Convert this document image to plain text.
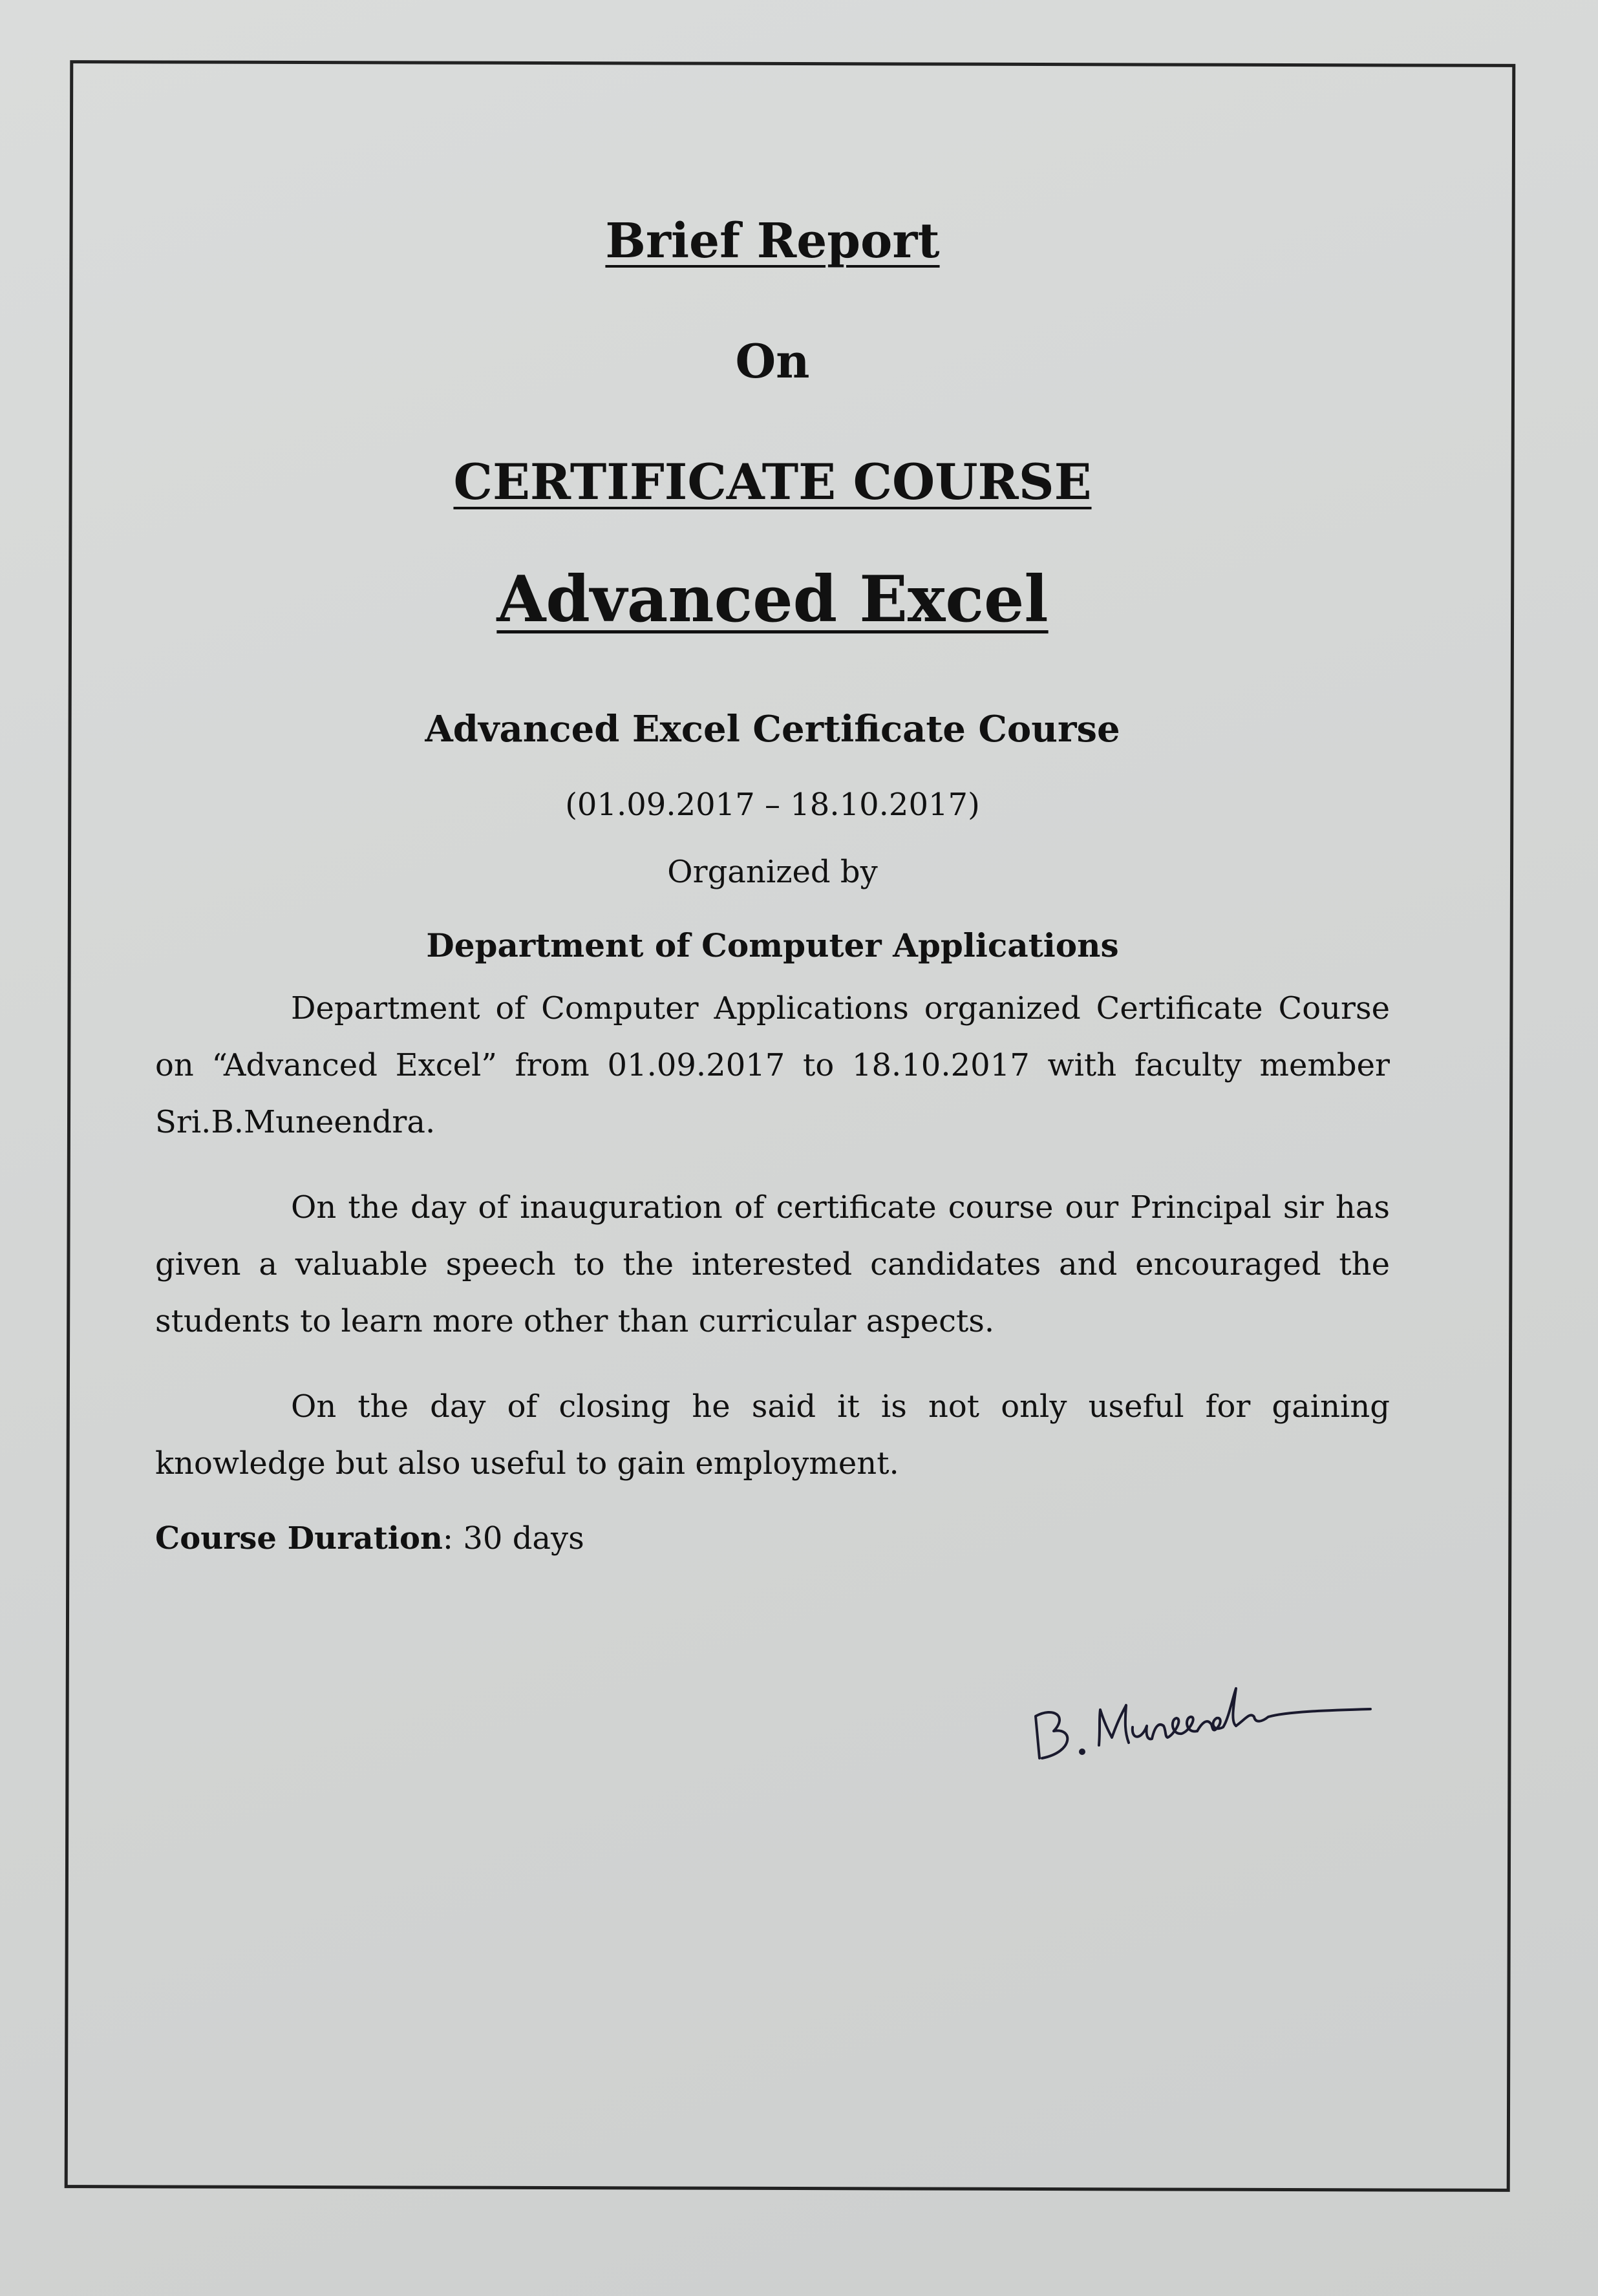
Brief Report
On
CERTIFICATE COURSE
Advanced Excel
Advanced Excel Certificate Course
(01.09.2017 – 18.10.2017)
Organized by
Department of Computer Applications

Department of Computer Applications organized Certificate Course on “Advanced Excel” from 01.09.2017 to 18.10.2017 with faculty member Sri.B.Muneendra.

On the day of inauguration of certificate course our Principal sir has given a valuable speech to the interested candidates and encouraged the students to learn more other than curricular aspects.

On the day of closing he said it is not only useful for gaining knowledge but also useful to gain employment.

Course Duration: 30 days
